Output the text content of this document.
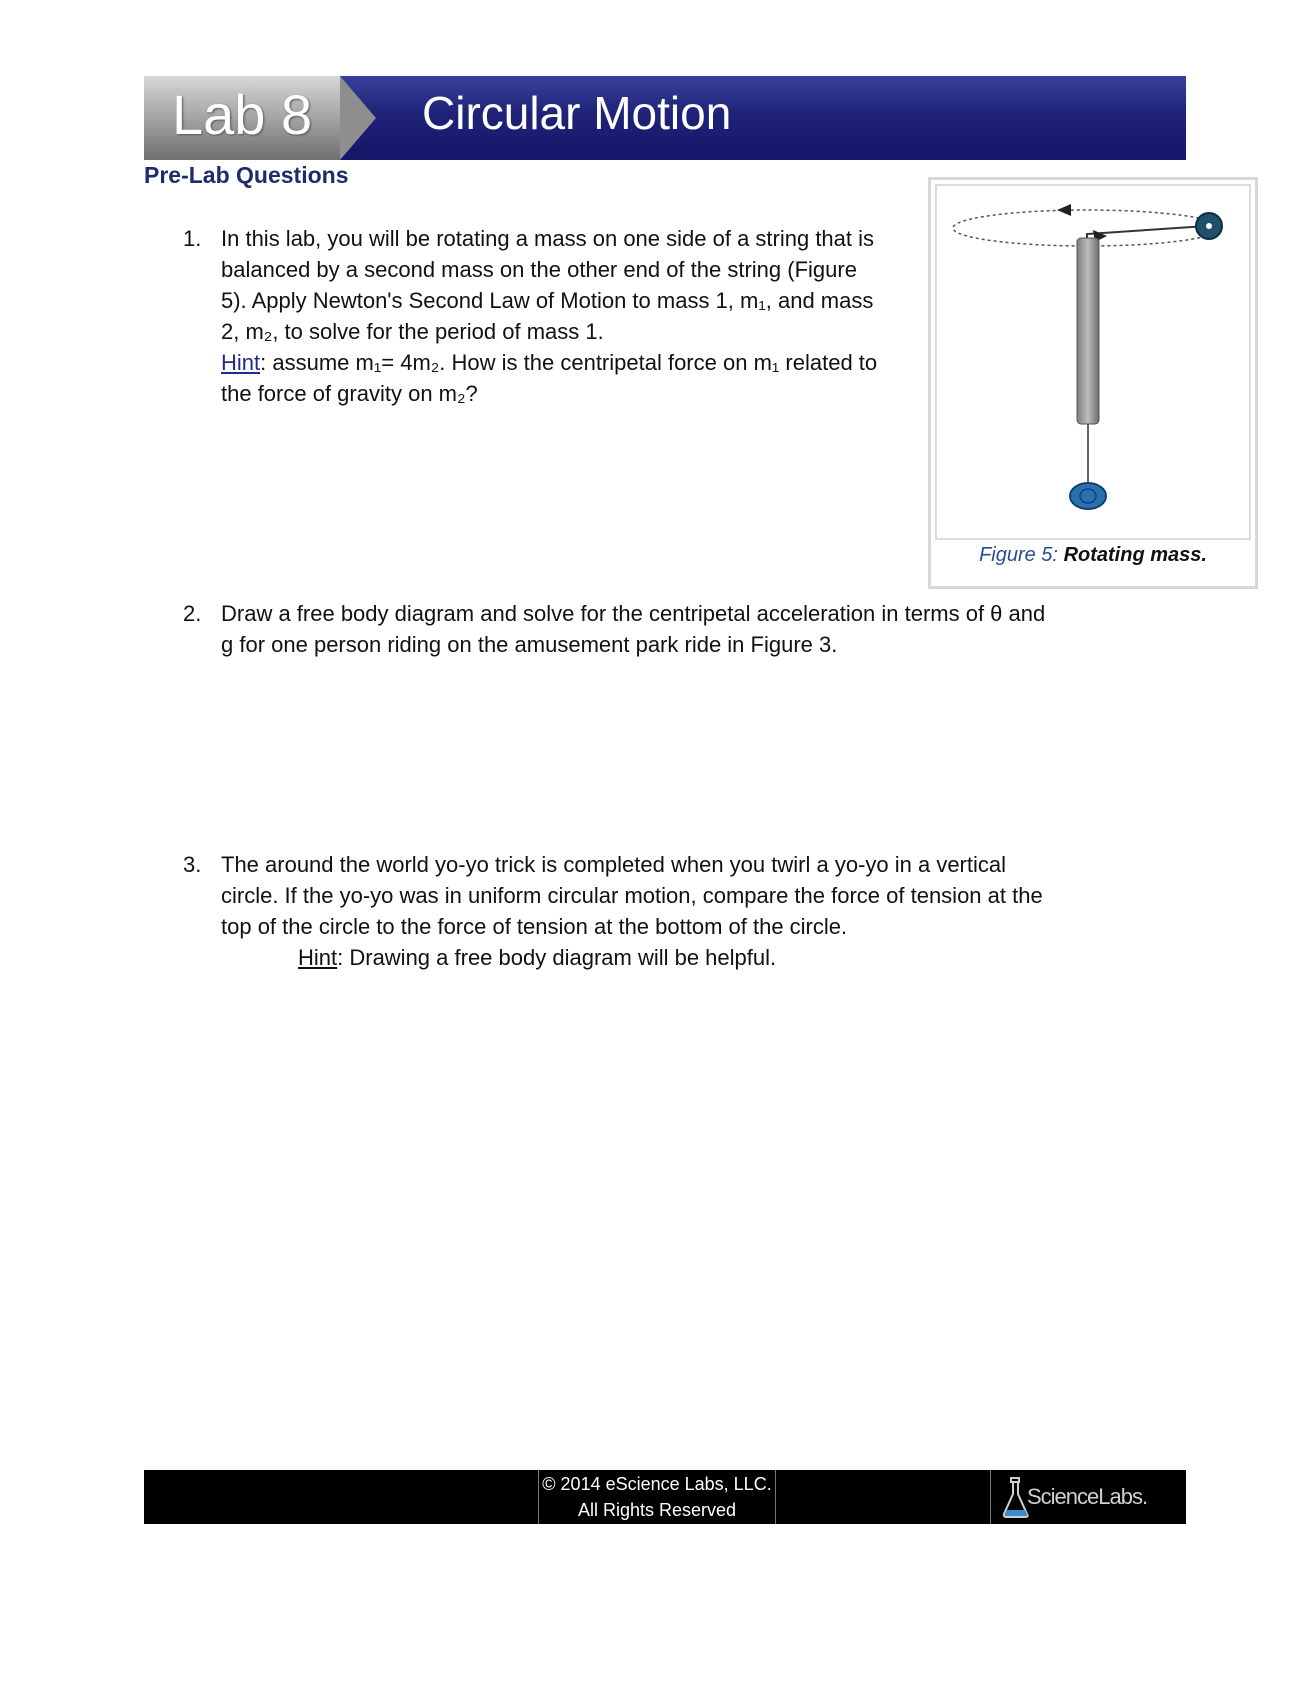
Lab 8 Circular Motion
Pre-Lab Questions
1. In this lab, you will be rotating a mass on one side of a string that is
balanced by a second mass on the other end of the string (Figure
5). Apply Newton's Second Law of Motion to mass 1, m₁, and mass
2, m₂, to solve for the period of mass 1.
Hint: assume m₁= 4m₂. How is the centripetal force on m₁ related to
the force of gravity on m₂?
Figure 5: Rotating mass.
2. Draw a free body diagram and solve for the centripetal acceleration in terms of θ and
g for one person riding on the amusement park ride in Figure 3.
3. The around the world yo-yo trick is completed when you twirl a yo-yo in a vertical
circle. If the yo-yo was in uniform circular motion, compare the force of tension at the
top of the circle to the force of tension at the bottom of the circle.
Hint: Drawing a free body diagram will be helpful.
© 2014 eScience Labs, LLC.
All Rights Reserved
ScienceLabs.
